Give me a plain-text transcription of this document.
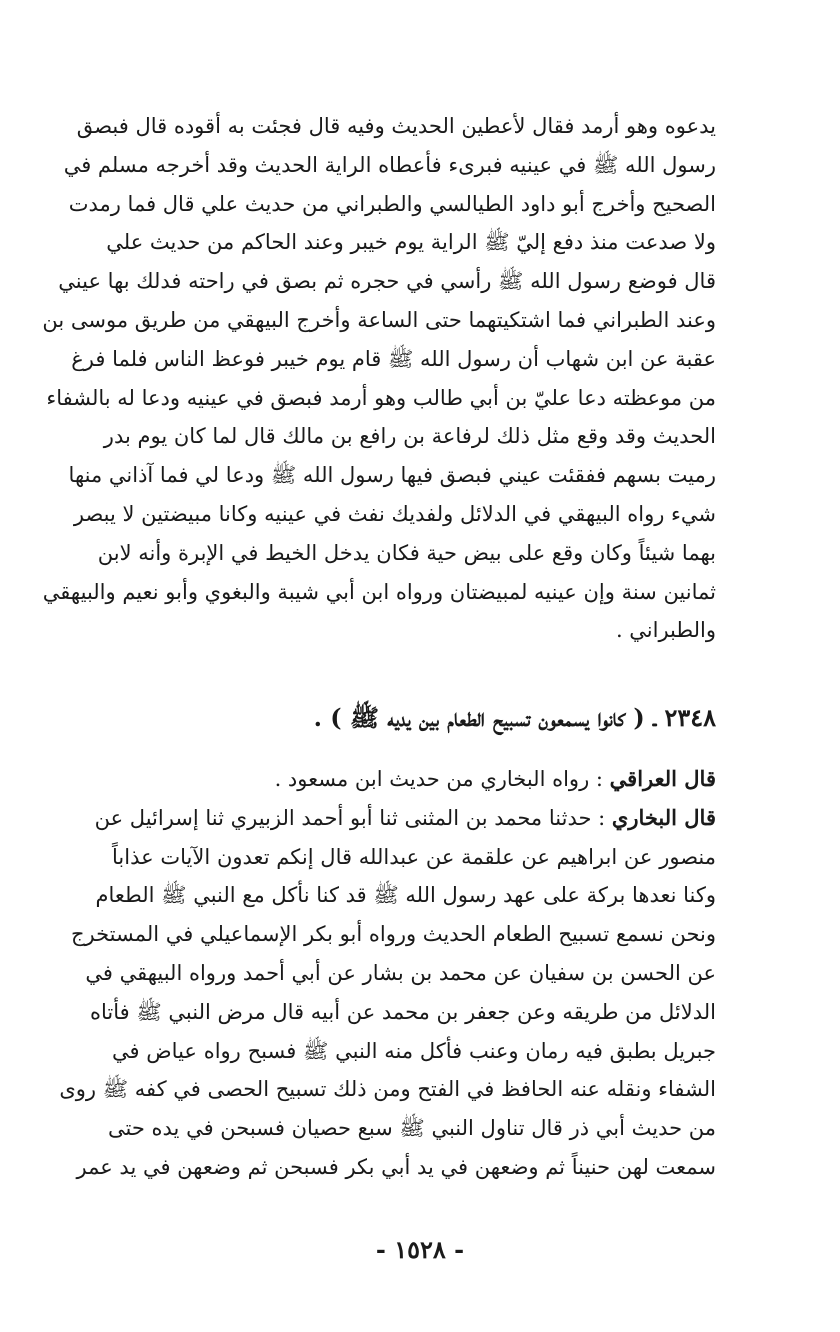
يدعوه وهو أرمد فقال لأعطين الحديث وفيه قال فجئت به أقوده قال فبصق
رسول الله ﷺ في عينيه فبرىء فأعطاه الراية الحديث وقد أخرجه مسلم في
الصحيح وأخرج أبو داود الطيالسي والطبراني من حديث علي قال فما رمدت
ولا صدعت منذ دفع إليّ ﷺ الراية يوم خيبر وعند الحاكم من حديث علي
قال فوضع رسول الله ﷺ رأسي في حجره ثم بصق في راحته فدلك بها عيني
وعند الطبراني فما اشتكيتهما حتى الساعة وأخرج البيهقي من طريق موسى بن
عقبة عن ابن شهاب أن رسول الله ﷺ قام يوم خيبر فوعظ الناس فلما فرغ
من موعظته دعا عليّ بن أبي طالب وهو أرمد فبصق في عينيه ودعا له بالشفاء
الحديث وقد وقع مثل ذلك لرفاعة بن رافع بن مالك قال لما كان يوم بدر
رميت بسهم ففقئت عيني فبصق فيها رسول الله ﷺ ودعا لي فما آذاني منها
شيء رواه البيهقي في الدلائل ولفديك نفث في عينيه وكانا مبيضتين لا يبصر
بهما شيئاً وكان وقع على بيض حية فكان يدخل الخيط في الإبرة وأنه لابن
ثمانين سنة وإن عينيه لمبيضتان ورواه ابن أبي شيبة والبغوي وأبو نعيم والبيهقي
والطبراني .
٢٣٤٨ ـ ( كانوا يسمعون تسبيح الطعام بين يديه ﷺ ) .
قال العراقي : رواه البخاري من حديث ابن مسعود .
قال البخاري : حدثنا محمد بن المثنى ثنا أبو أحمد الزبيري ثنا إسرائيل عن
منصور عن ابراهيم عن علقمة عن عبدالله قال إنكم تعدون الآيات عذاباً
وكنا نعدها بركة على عهد رسول الله ﷺ قد كنا نأكل مع النبي ﷺ الطعام
ونحن نسمع تسبيح الطعام الحديث ورواه أبو بكر الإسماعيلي في المستخرج
عن الحسن بن سفيان عن محمد بن بشار عن أبي أحمد ورواه البيهقي في
الدلائل من طريقه وعن جعفر بن محمد عن أبيه قال مرض النبي ﷺ فأتاه
جبريل بطبق فيه رمان وعنب فأكل منه النبي ﷺ فسبح رواه عياض في
الشفاء ونقله عنه الحافظ في الفتح ومن ذلك تسبيح الحصى في كفه ﷺ روى
من حديث أبي ذر قال تناول النبي ﷺ سبع حصيان فسبحن في يده حتى
سمعت لهن حنيناً ثم وضعهن في يد أبي بكر فسبحن ثم وضعهن في يد عمر
- ١٥٢٨ -
